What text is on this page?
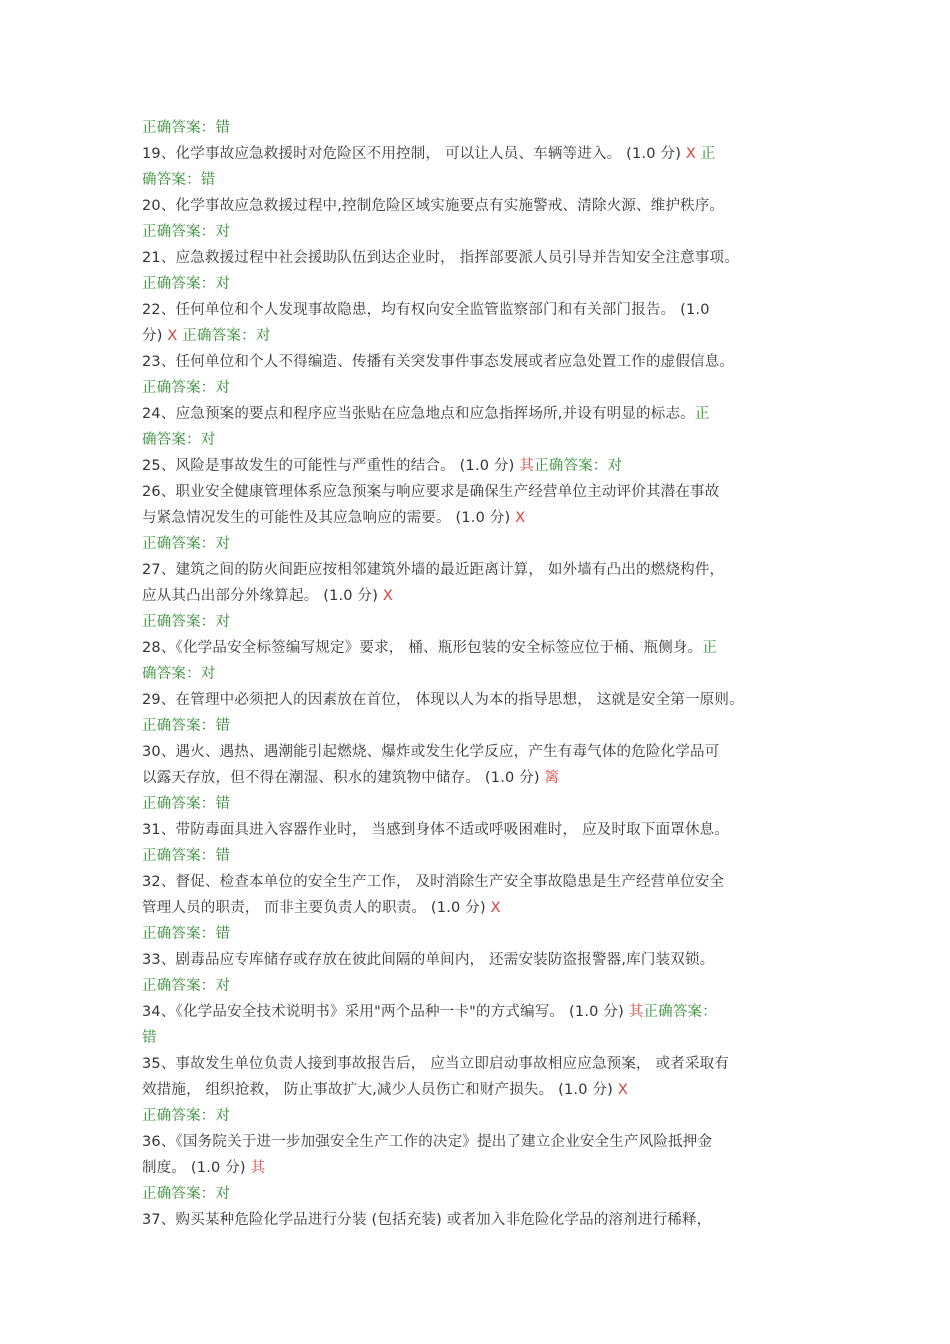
正确答案：错
19、化学事故应急救援时对危险区不用控制， 可以让人员、车辆等进入。 (1.0 分) X 正
确答案：错
20、化学事故应急救援过程中,控制危险区域实施要点有实施警戒、清除火源、维护秩序。
正确答案：对
21、应急救援过程中社会援助队伍到达企业时， 指挥部要派人员引导并告知安全注意事项。
正确答案：对
22、任何单位和个人发现事故隐患，均有权向安全监管监察部门和有关部门报告。 (1.0
分) X 正确答案：对
23、任何单位和个人不得编造、传播有关突发事件事态发展或者应急处置工作的虚假信息。
正确答案：对
24、应急预案的要点和程序应当张贴在应急地点和应急指挥场所,并设有明显的标志。正
确答案：对
25、风险是事故发生的可能性与严重性的结合。 (1.0 分) 其正确答案：对
26、职业安全健康管理体系应急预案与响应要求是确保生产经营单位主动评价其潜在事故
与紧急情况发生的可能性及其应急响应的需要。 (1.0 分) X
正确答案：对
27、建筑之间的防火间距应按相邻建筑外墙的最近距离计算， 如外墙有凸出的燃烧构件，
应从其凸出部分外缘算起。 (1.0 分) X
正确答案：对
28、《化学品安全标签编写规定》要求， 桶、瓶形包装的安全标签应位于桶、瓶侧身。正
确答案：对
29、在管理中必须把人的因素放在首位， 体现以人为本的指导思想， 这就是安全第一原则。
正确答案：错
30、遇火、遇热、遇潮能引起燃烧、爆炸或发生化学反应，产生有毒气体的危险化学品可
以露天存放，但不得在潮湿、积水的建筑物中储存。 (1.0 分) 篱
正确答案：错
31、带防毒面具进入容器作业时， 当感到身体不适或呼吸困难时， 应及时取下面罩休息。
正确答案：错
32、督促、检查本单位的安全生产工作， 及时消除生产安全事故隐患是生产经营单位安全
管理人员的职责， 而非主要负责人的职责。 (1.0 分) X
正确答案：错
33、剧毒品应专库储存或存放在彼此间隔的单间内， 还需安装防盗报警器,库门装双锁。
正确答案：对
34、《化学品安全技术说明书》采用"两个品种一卡"的方式编写。 (1.0 分) 其正确答案：
错
35、事故发生单位负责人接到事故报告后， 应当立即启动事故相应应急预案， 或者采取有
效措施， 组织抢救， 防止事故扩大,减少人员伤亡和财产损失。 (1.0 分) X
正确答案：对
36、《国务院关于进一步加强安全生产工作的决定》提出了建立企业安全生产风险抵押金
制度。 (1.0 分) 其
正确答案：对
37、购买某种危险化学品进行分装 (包括充装) 或者加入非危险化学品的溶剂进行稀释，
